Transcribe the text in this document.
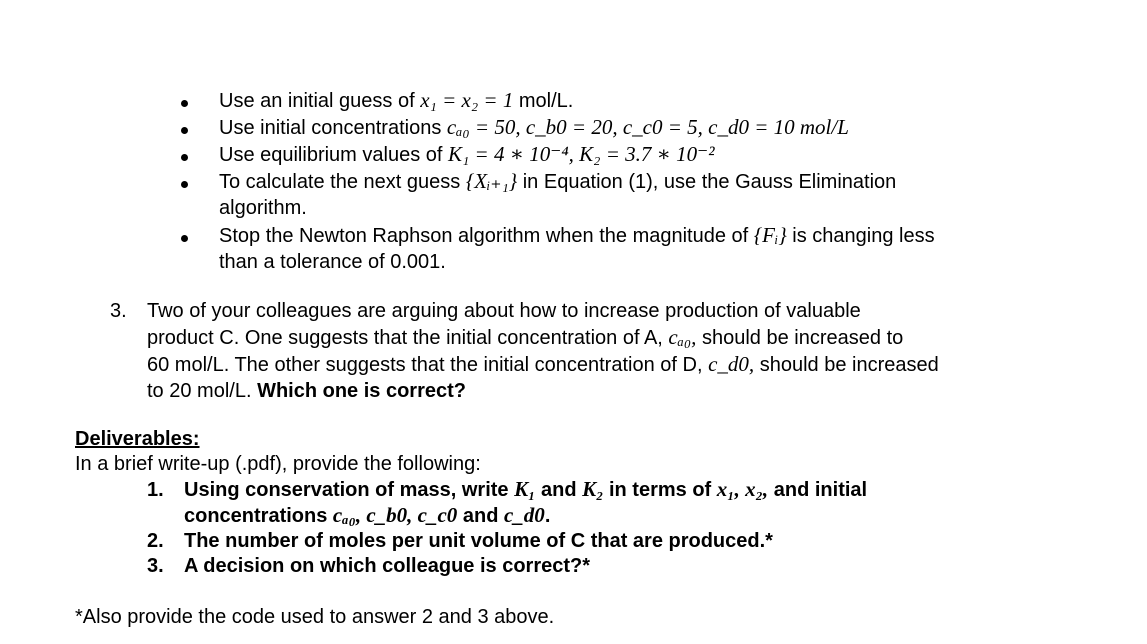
Use an initial guess of x₁ = x₂ = 1 mol/L.
Use initial concentrations cₐ₀ = 50, c_b0 = 20, c_c0 = 5, c_d0 = 10 mol/L
Use equilibrium values of K₁ = 4 ∗ 10⁻⁴, K₂ = 3.7 ∗ 10⁻²
To calculate the next guess {Xᵢ₊₁} in Equation (1), use the Gauss Elimination
algorithm.
Stop the Newton Raphson algorithm when the magnitude of {Fᵢ} is changing less
than a tolerance of 0.001.
3. Two of your colleagues are arguing about how to increase production of valuable
product C. One suggests that the initial concentration of A, cₐ₀, should be increased to
60 mol/L. The other suggests that the initial concentration of D, c_d0, should be increased
to 20 mol/L. Which one is correct?
Deliverables:
In a brief write-up (.pdf), provide the following:
1. Using conservation of mass, write K₁ and K₂ in terms of x₁, x₂, and initial
concentrations cₐ₀, c_b0, c_c0 and c_d0.
2. The number of moles per unit volume of C that are produced.*
3. A decision on which colleague is correct?*
*Also provide the code used to answer 2 and 3 above.
